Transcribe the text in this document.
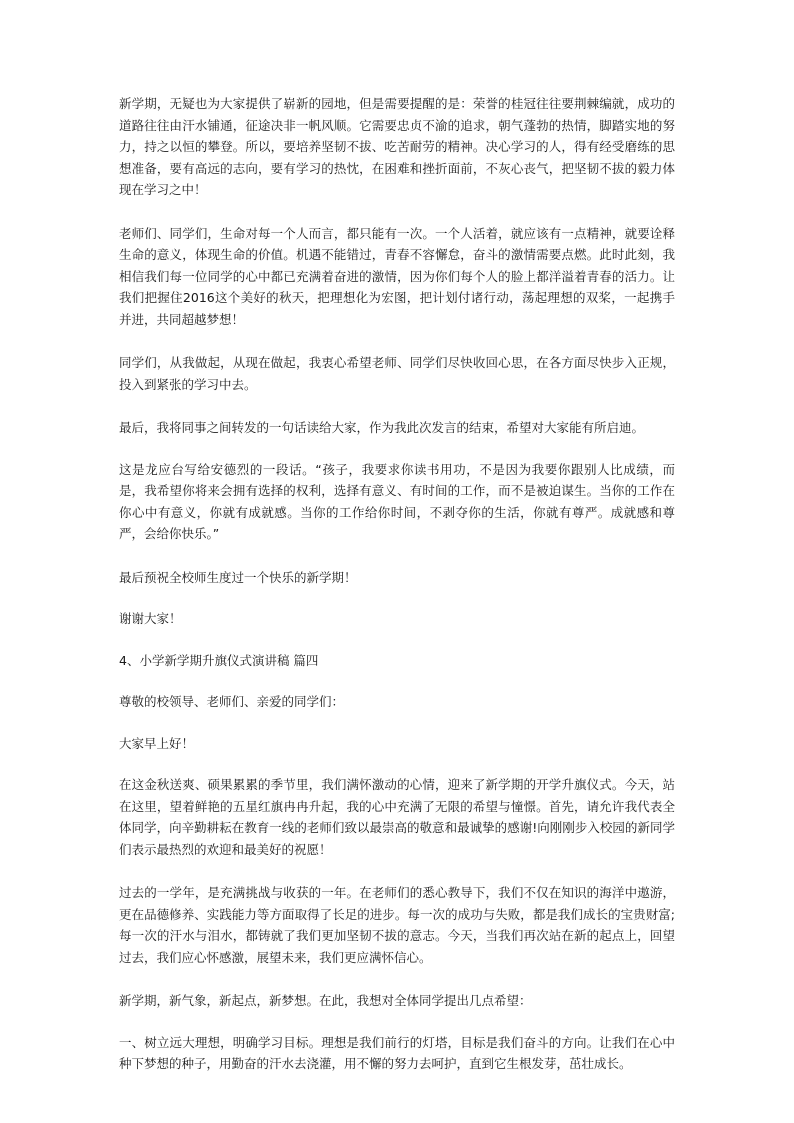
新学期，无疑也为大家提供了崭新的园地，但是需要提醒的是：荣誉的桂冠往往要荆棘编就，成功的道路往往由汗水铺通，征途决非一帆风顺。它需要忠贞不渝的追求，朝气蓬勃的热情，脚踏实地的努力，持之以恒的攀登。所以，要培养坚韧不拔、吃苦耐劳的精神。决心学习的人，得有经受磨练的思想准备，要有高远的志向，要有学习的热忱，在困难和挫折面前，不灰心丧气，把坚韧不拔的毅力体现在学习之中！

老师们、同学们，生命对每一个人而言，都只能有一次。一个人活着，就应该有一点精神，就要诠释生命的意义，体现生命的价值。机遇不能错过，青春不容懈怠，奋斗的激情需要点燃。此时此刻，我相信我们每一位同学的心中都已充满着奋进的激情，因为你们每个人的脸上都洋溢着青春的活力。让我们把握住2016这个美好的秋天，把理想化为宏图，把计划付诸行动，荡起理想的双桨，一起携手并进，共同超越梦想！

同学们，从我做起，从现在做起，我衷心希望老师、同学们尽快收回心思，在各方面尽快步入正规，投入到紧张的学习中去。

最后，我将同事之间转发的一句话读给大家，作为我此次发言的结束，希望对大家能有所启迪。

这是龙应台写给安德烈的一段话。“孩子，我要求你读书用功，不是因为我要你跟别人比成绩，而是，我希望你将来会拥有选择的权利，选择有意义、有时间的工作，而不是被迫谋生。当你的工作在你心中有意义，你就有成就感。当你的工作给你时间，不剥夺你的生活，你就有尊严。成就感和尊严，会给你快乐。”

最后预祝全校师生度过一个快乐的新学期！

谢谢大家！

4、小学新学期升旗仪式演讲稿 篇四

尊敬的校领导、老师们、亲爱的同学们：

大家早上好！

在这金秋送爽、硕果累累的季节里，我们满怀激动的心情，迎来了新学期的开学升旗仪式。今天，站在这里，望着鲜艳的五星红旗冉冉升起，我的心中充满了无限的希望与憧憬。首先，请允许我代表全体同学，向辛勤耕耘在教育一线的老师们致以最崇高的敬意和最诚挚的感谢!向刚刚步入校园的新同学们表示最热烈的欢迎和最美好的祝愿！

过去的一学年，是充满挑战与收获的一年。在老师们的悉心教导下，我们不仅在知识的海洋中遨游，更在品德修养、实践能力等方面取得了长足的进步。每一次的成功与失败，都是我们成长的宝贵财富;每一次的汗水与泪水，都铸就了我们更加坚韧不拔的意志。今天，当我们再次站在新的起点上，回望过去，我们应心怀感激，展望未来，我们更应满怀信心。

新学期，新气象，新起点，新梦想。在此，我想对全体同学提出几点希望：

一、树立远大理想，明确学习目标。理想是我们前行的灯塔，目标是我们奋斗的方向。让我们在心中种下梦想的种子，用勤奋的汗水去浇灌，用不懈的努力去呵护，直到它生根发芽，茁壮成长。
